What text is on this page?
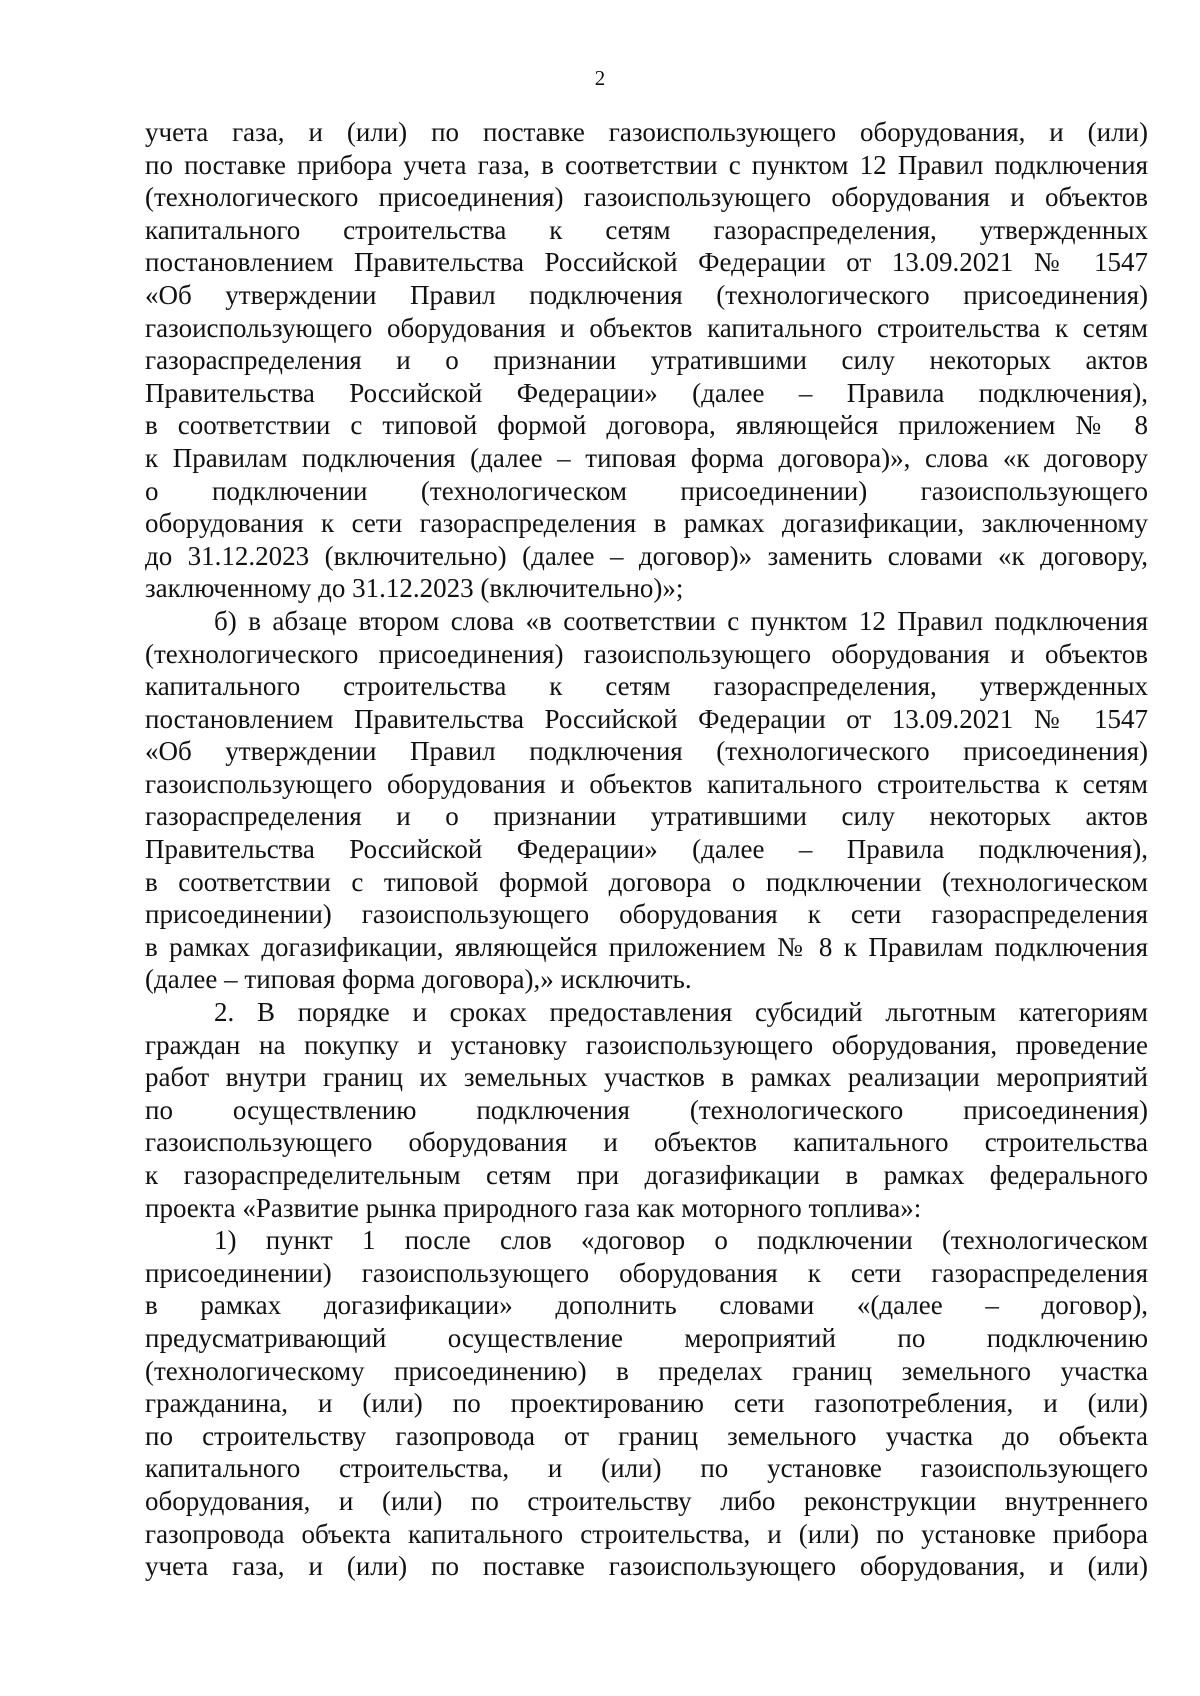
2
учета газа, и (или) по поставке газоиспользующего оборудования, и (или)
по поставке прибора учета газа, в соответствии с пунктом 12 Правил подключения
(технологического присоединения) газоиспользующего оборудования и объектов
капитального строительства к сетям газораспределения, утвержденных
постановлением Правительства Российской Федерации от 13.09.2021 № 1547
«Об утверждении Правил подключения (технологического присоединения)
газоиспользующего оборудования и объектов капитального строительства к сетям
газораспределения и о признании утратившими силу некоторых актов
Правительства Российской Федерации» (далее – Правила подключения),
в соответствии с типовой формой договора, являющейся приложением № 8
к Правилам подключения (далее – типовая форма договора)», слова «к договору
о подключении (технологическом присоединении) газоиспользующего
оборудования к сети газораспределения в рамках догазификации, заключенному
до 31.12.2023 (включительно) (далее – договор)» заменить словами «к договору,
заключенному до 31.12.2023 (включительно)»;
б) в абзаце втором слова «в соответствии с пунктом 12 Правил подключения
(технологического присоединения) газоиспользующего оборудования и объектов
капитального строительства к сетям газораспределения, утвержденных
постановлением Правительства Российской Федерации от 13.09.2021 № 1547
«Об утверждении Правил подключения (технологического присоединения)
газоиспользующего оборудования и объектов капитального строительства к сетям
газораспределения и о признании утратившими силу некоторых актов
Правительства Российской Федерации» (далее – Правила подключения),
в соответствии с типовой формой договора о подключении (технологическом
присоединении) газоиспользующего оборудования к сети газораспределения
в рамках догазификации, являющейся приложением № 8 к Правилам подключения
(далее – типовая форма договора),» исключить.
2. В порядке и сроках предоставления субсидий льготным категориям
граждан на покупку и установку газоиспользующего оборудования, проведение
работ внутри границ их земельных участков в рамках реализации мероприятий
по осуществлению подключения (технологического присоединения)
газоиспользующего оборудования и объектов капитального строительства
к газораспределительным сетям при догазификации в рамках федерального
проекта «Развитие рынка природного газа как моторного топлива»:
1) пункт 1 после слов «договор о подключении (технологическом
присоединении) газоиспользующего оборудования к сети газораспределения
в рамках догазификации» дополнить словами «(далее – договор),
предусматривающий осуществление мероприятий по подключению
(технологическому присоединению) в пределах границ земельного участка
гражданина, и (или) по проектированию сети газопотребления, и (или)
по строительству газопровода от границ земельного участка до объекта
капитального строительства, и (или) по установке газоиспользующего
оборудования, и (или) по строительству либо реконструкции внутреннего
газопровода объекта капитального строительства, и (или) по установке прибора
учета газа, и (или) по поставке газоиспользующего оборудования, и (или)
